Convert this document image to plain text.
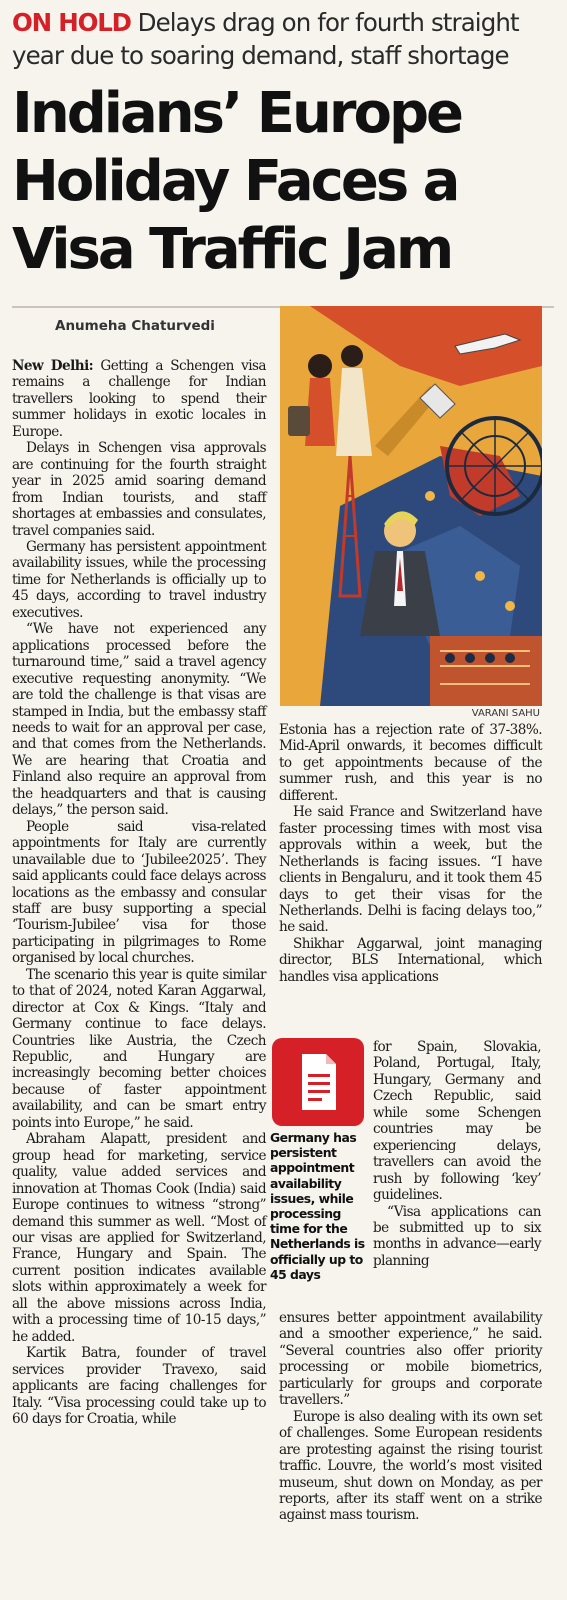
ON HOLD Delays drag on for fourth straight year due to soaring demand, staff shortage
Indians’ Europe
Holiday Faces a
Visa Traffic Jam
Anumeha Chaturvedi
VARANI SAHU

New Delhi: Getting a Schengen visa remains a challenge for Indian travellers looking to spend their summer holidays in exotic locales in Europe.

Delays in Schengen visa approvals are continuing for the fourth straight year in 2025 amid soaring demand from Indian tourists, and staff shortages at embassies and consulates, travel companies said.

Germany has persistent appointment availability issues, while the processing time for Netherlands is officially up to 45 days, according to travel industry executives.

“We have not experienced any applications processed before the turnaround time,” said a travel agency executive requesting anonymity. “We are told the challenge is that visas are stamped in India, but the embassy staff needs to wait for an approval per case, and that comes from the Netherlands. We are hearing that Croatia and Finland also require an approval from the headquarters and that is causing delays,” the person said.

People said visa-related appointments for Italy are currently unavailable due to ‘Jubilee2025’. They said applicants could face delays across locations as the embassy and consular staff are busy supporting a special ‘Tourism-Jubilee’ visa for those participating in pilgrimages to Rome organised by local churches.

The scenario this year is quite similar to that of 2024, noted Karan Aggarwal, director at Cox & Kings. “Italy and Germany continue to face delays. Countries like Austria, the Czech Republic, and Hungary are increasingly becoming better choices because of faster appointment availability, and can be smart entry points into Europe,” he said.

Abraham Alapatt, president and group head for marketing, service quality, value added services and innovation at Thomas Cook (India) said Europe continues to witness “strong” demand this summer as well. “Most of our visas are applied for Switzerland, France, Hungary and Spain. The current position indicates available slots within approximately a week for all the above missions across India, with a processing time of 10-15 days,” he added.

Kartik Batra, founder of travel services provider Travexo, said applicants are facing challenges for Italy. “Visa processing could take up to 60 days for Croatia, while

Estonia has a rejection rate of 37-38%. Mid-April onwards, it becomes difficult to get appointments because of the summer rush, and this year is no different.

He said France and Switzerland have faster processing times with most visa approvals within a week, but the Netherlands is facing issues. “I have clients in Bengaluru, and it took them 45 days to get their visas for the Netherlands. Delhi is facing delays too,” he said.

Shikhar Aggarwal, joint managing director, BLS International, which handles visa applications

Germany has persistent appointment availability issues, while processing time for the Netherlands is officially up to 45 days

for Spain, Slovakia, Poland, Portugal, Italy, Hungary, Germany and Czech Republic, said while some Schengen countries may be experiencing delays, travellers can avoid the rush by following ‘key’ guidelines.

“Visa applications can be submitted up to six months in advance—early planning

ensures better appointment availability and a smoother experience,” he said. “Several countries also offer priority processing or mobile biometrics, particularly for groups and corporate travellers.”

Europe is also dealing with its own set of challenges. Some European residents are protesting against the rising tourist traffic. Louvre, the world’s most visited museum, shut down on Monday, as per reports, after its staff went on a strike against mass tourism.
